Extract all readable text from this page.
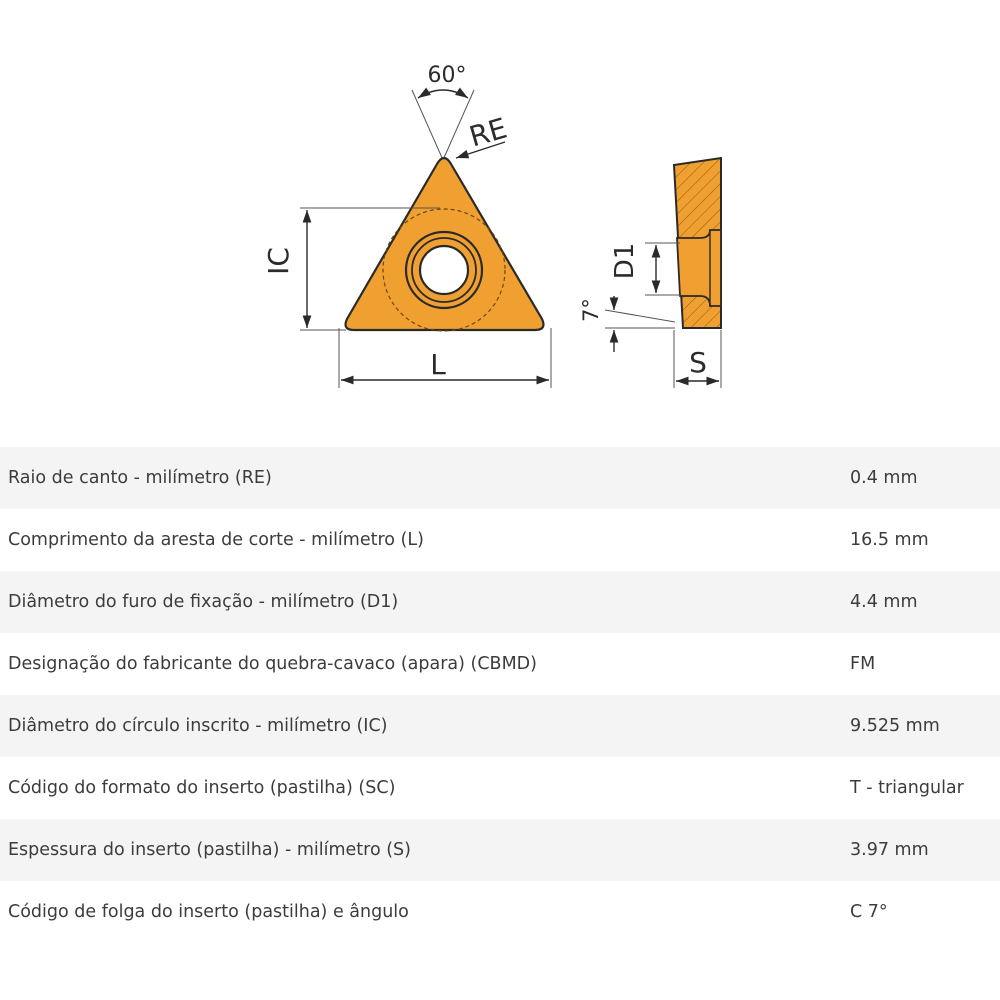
60°
RE
IC
L
D1
7°
S
Raio de canto - milímetro (RE)	0.4 mm
Comprimento da aresta de corte - milímetro (L)	16.5 mm
Diâmetro do furo de fixação - milímetro (D1)	4.4 mm
Designação do fabricante do quebra-cavaco (apara) (CBMD)	FM
Diâmetro do círculo inscrito - milímetro (IC)	9.525 mm
Código do formato do inserto (pastilha) (SC)	T - triangular
Espessura do inserto (pastilha) - milímetro (S)	3.97 mm
Código de folga do inserto (pastilha) e ângulo	C 7°
